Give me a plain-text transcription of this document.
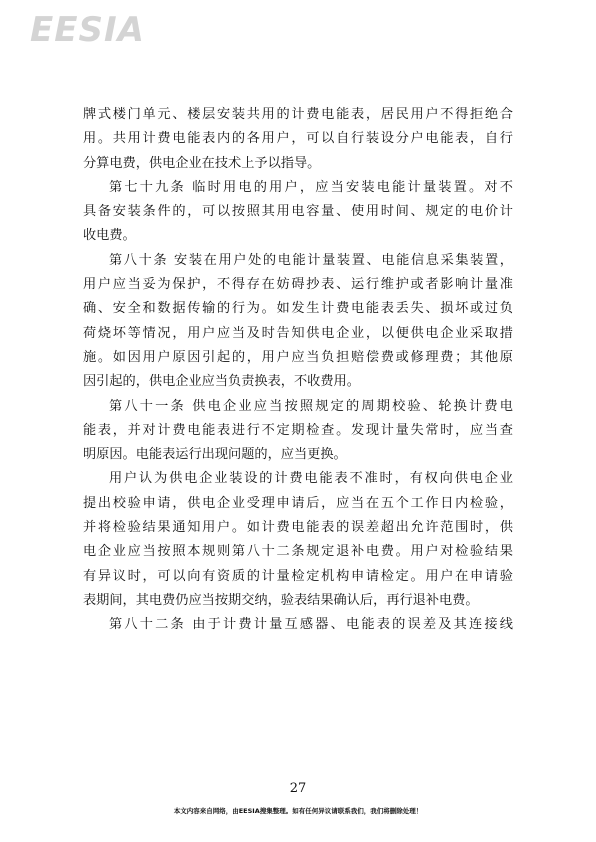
EESIA
牌式楼门单元、楼层安装共用的计费电能表，居民用户不得拒绝合
用。共用计费电能表内的各用户，可以自行装设分户电能表，自行
分算电费，供电企业在技术上予以指导。
第七十九条 临时用电的用户，应当安装电能计量装置。对不
具备安装条件的，可以按照其用电容量、使用时间、规定的电价计
收电费。
第八十条 安装在用户处的电能计量装置、电能信息采集装置，
用户应当妥为保护，不得存在妨碍抄表、运行维护或者影响计量准
确、安全和数据传输的行为。如发生计费电能表丢失、损坏或过负
荷烧坏等情况，用户应当及时告知供电企业，以便供电企业采取措
施。如因用户原因引起的，用户应当负担赔偿费或修理费；其他原
因引起的，供电企业应当负责换表，不收费用。
第八十一条 供电企业应当按照规定的周期校验、轮换计费电
能表，并对计费电能表进行不定期检查。发现计量失常时，应当查
明原因。电能表运行出现问题的，应当更换。
用户认为供电企业装设的计费电能表不准时，有权向供电企业
提出校验申请，供电企业受理申请后，应当在五个工作日内检验，
并将检验结果通知用户。如计费电能表的误差超出允许范围时，供
电企业应当按照本规则第八十二条规定退补电费。用户对检验结果
有异议时，可以向有资质的计量检定机构申请检定。用户在申请验
表期间，其电费仍应当按期交纳，验表结果确认后，再行退补电费。
第八十二条 由于计费计量互感器、电能表的误差及其连接线
27
本文内容来自网络，由EESIA搜集整理。如有任何异议请联系我们，我们将删除处理！
